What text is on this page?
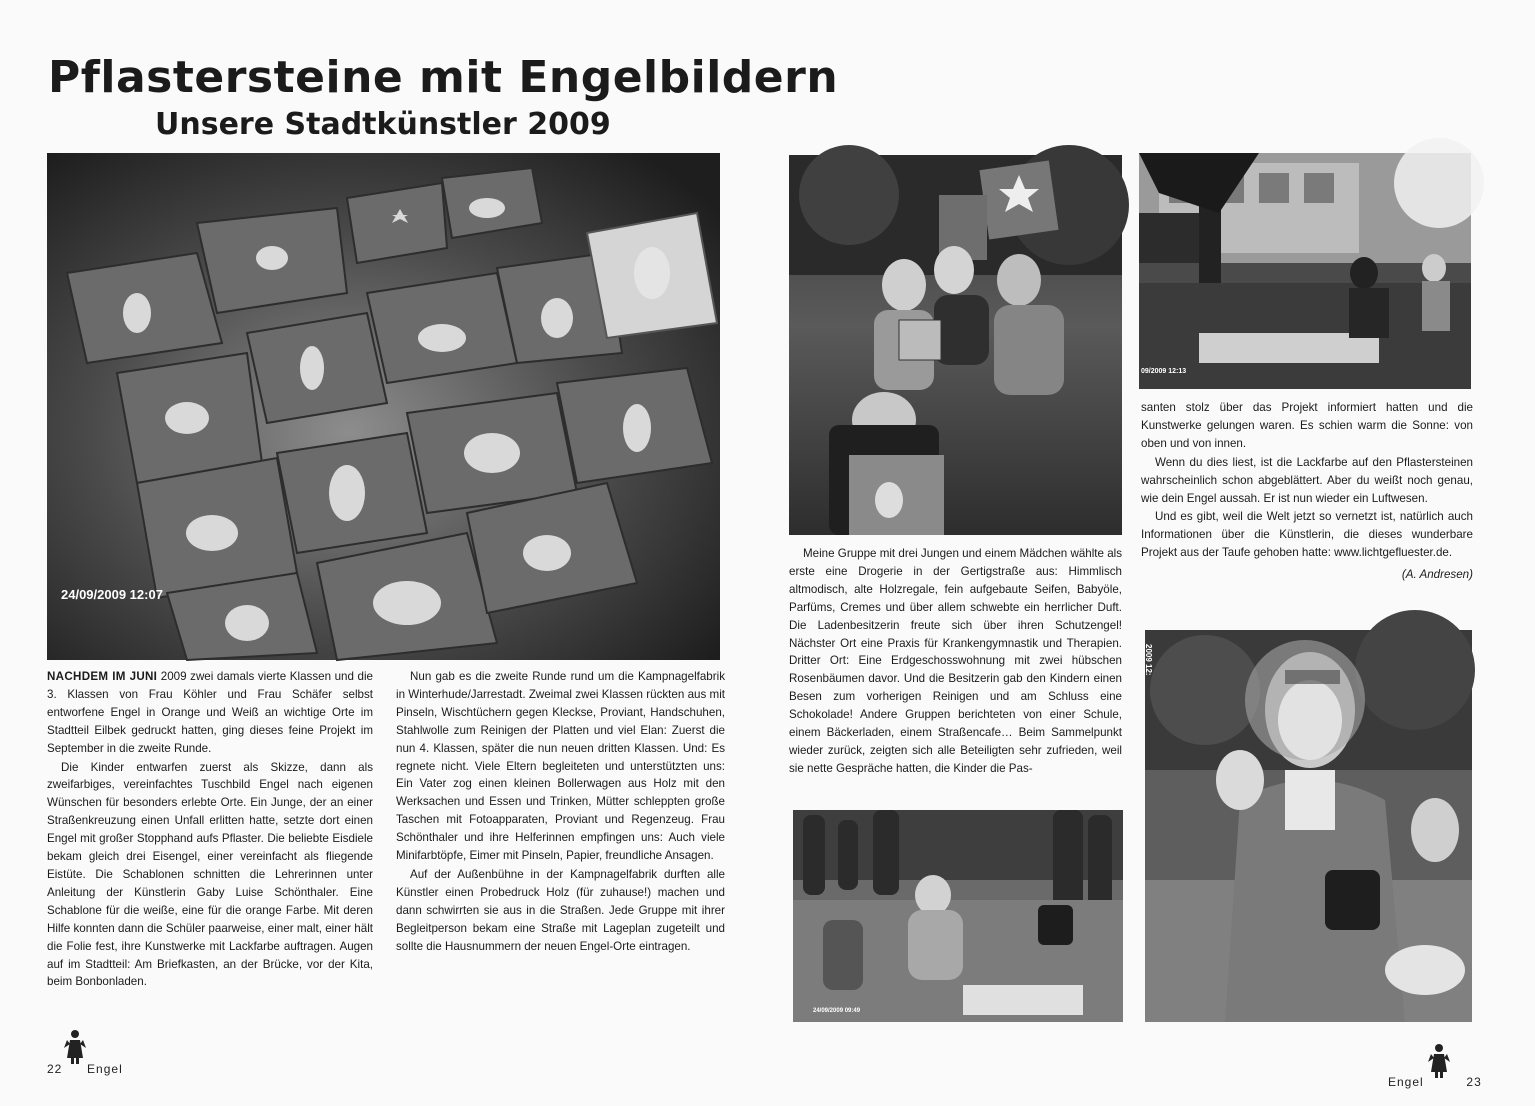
Pflastersteine mit Engelbildern
Unsere Stadtkünstler 2009
24/09/2009 12:07
09/2009 12:13
24/09/2009 09:49
2009 12:

NACHDEM IM JUNI 2009 zwei damals vierte Klassen und die 3. Klassen von Frau Köhler und Frau Schäfer selbst entworfene Engel in Orange und Weiß an wichtige Orte im Stadtteil Eilbek gedruckt hatten, ging dieses feine Projekt im September in die zweite Runde.

Die Kinder entwarfen zuerst als Skizze, dann als zweifarbiges, vereinfachtes Tuschbild Engel nach eigenen Wünschen für besonders erlebte Orte. Ein Junge, der an einer Straßenkreuzung einen Unfall erlitten hatte, setzte dort einen Engel mit großer Stopphand aufs Pflaster. Die beliebte Eisdiele bekam gleich drei Eisengel, einer vereinfacht als fliegende Eistüte. Die Schablonen schnitten die Lehrerinnen unter Anleitung der Künstlerin Gaby Luise Schönthaler. Eine Schablone für die weiße, eine für die orange Farbe. Mit deren Hilfe konnten dann die Schüler paarweise, einer malt, einer hält die Folie fest, ihre Kunstwerke mit Lackfarbe auftragen. Augen auf im Stadtteil: Am Briefkasten, an der Brücke, vor der Kita, beim Bonbonladen.

Nun gab es die zweite Runde rund um die Kampnagelfabrik in Winterhude/Jarrestadt. Zweimal zwei Klassen rückten aus mit Pinseln, Wischtüchern gegen Kleckse, Proviant, Handschuhen, Stahlwolle zum Reinigen der Platten und viel Elan: Zuerst die nun 4. Klassen, später die nun neuen dritten Klassen. Und: Es regnete nicht. Viele Eltern begleiteten und unterstützten uns: Ein Vater zog einen kleinen Bollerwagen aus Holz mit den Werksachen und Essen und Trinken, Mütter schleppten große Taschen mit Fotoapparaten, Proviant und Regenzeug. Frau Schönthaler und ihre Helferinnen empfingen uns: Auch viele Minifarbtöpfe, Eimer mit Pinseln, Papier, freundliche Ansagen.

Auf der Außenbühne in der Kampnagelfabrik durften alle Künstler einen Probedruck Holz (für zuhause!) machen und dann schwirrten sie aus in die Straßen. Jede Gruppe mit ihrer Begleitperson bekam eine Straße mit Lageplan zugeteilt und sollte die Hausnummern der neuen Engel-Orte eintragen.

Meine Gruppe mit drei Jungen und einem Mädchen wählte als erste eine Drogerie in der Gertigstraße aus: Himmlisch altmodisch, alte Holzregale, fein aufgebaute Seifen, Babyöle, Parfüms, Cremes und über allem schwebte ein herrlicher Duft. Die Ladenbesitzerin freute sich über ihren Schutzengel! Nächster Ort eine Praxis für Krankengymnastik und Therapien. Dritter Ort: Eine Erdgeschosswohnung mit zwei hübschen Rosenbäumen davor. Und die Besitzerin gab den Kindern einen Besen zum vorherigen Reinigen und am Schluss eine Schokolade! Andere Gruppen berichteten von einer Schule, einem Bäckerladen, einem Straßencafe… Beim Sammelpunkt wieder zurück, zeigten sich alle Beteiligten sehr zufrieden, weil sie nette Gespräche hatten, die Kinder die Pas-

santen stolz über das Projekt informiert hatten und die Kunstwerke gelungen waren. Es schien warm die Sonne: von oben und von innen.

Wenn du dies liest, ist die Lackfarbe auf den Pflastersteinen wahrscheinlich schon abgeblättert. Aber du weißt noch genau, wie dein Engel aussah. Er ist nun wieder ein Luftwesen.

Und es gibt, weil die Welt jetzt so vernetzt ist, natürlich auch Informationen über die Künstlerin, die dieses wunderbare Projekt aus der Taufe gehoben hatte: www.lichtgefluester.de.

(A. Andresen)

22 Engel
Engel	23
